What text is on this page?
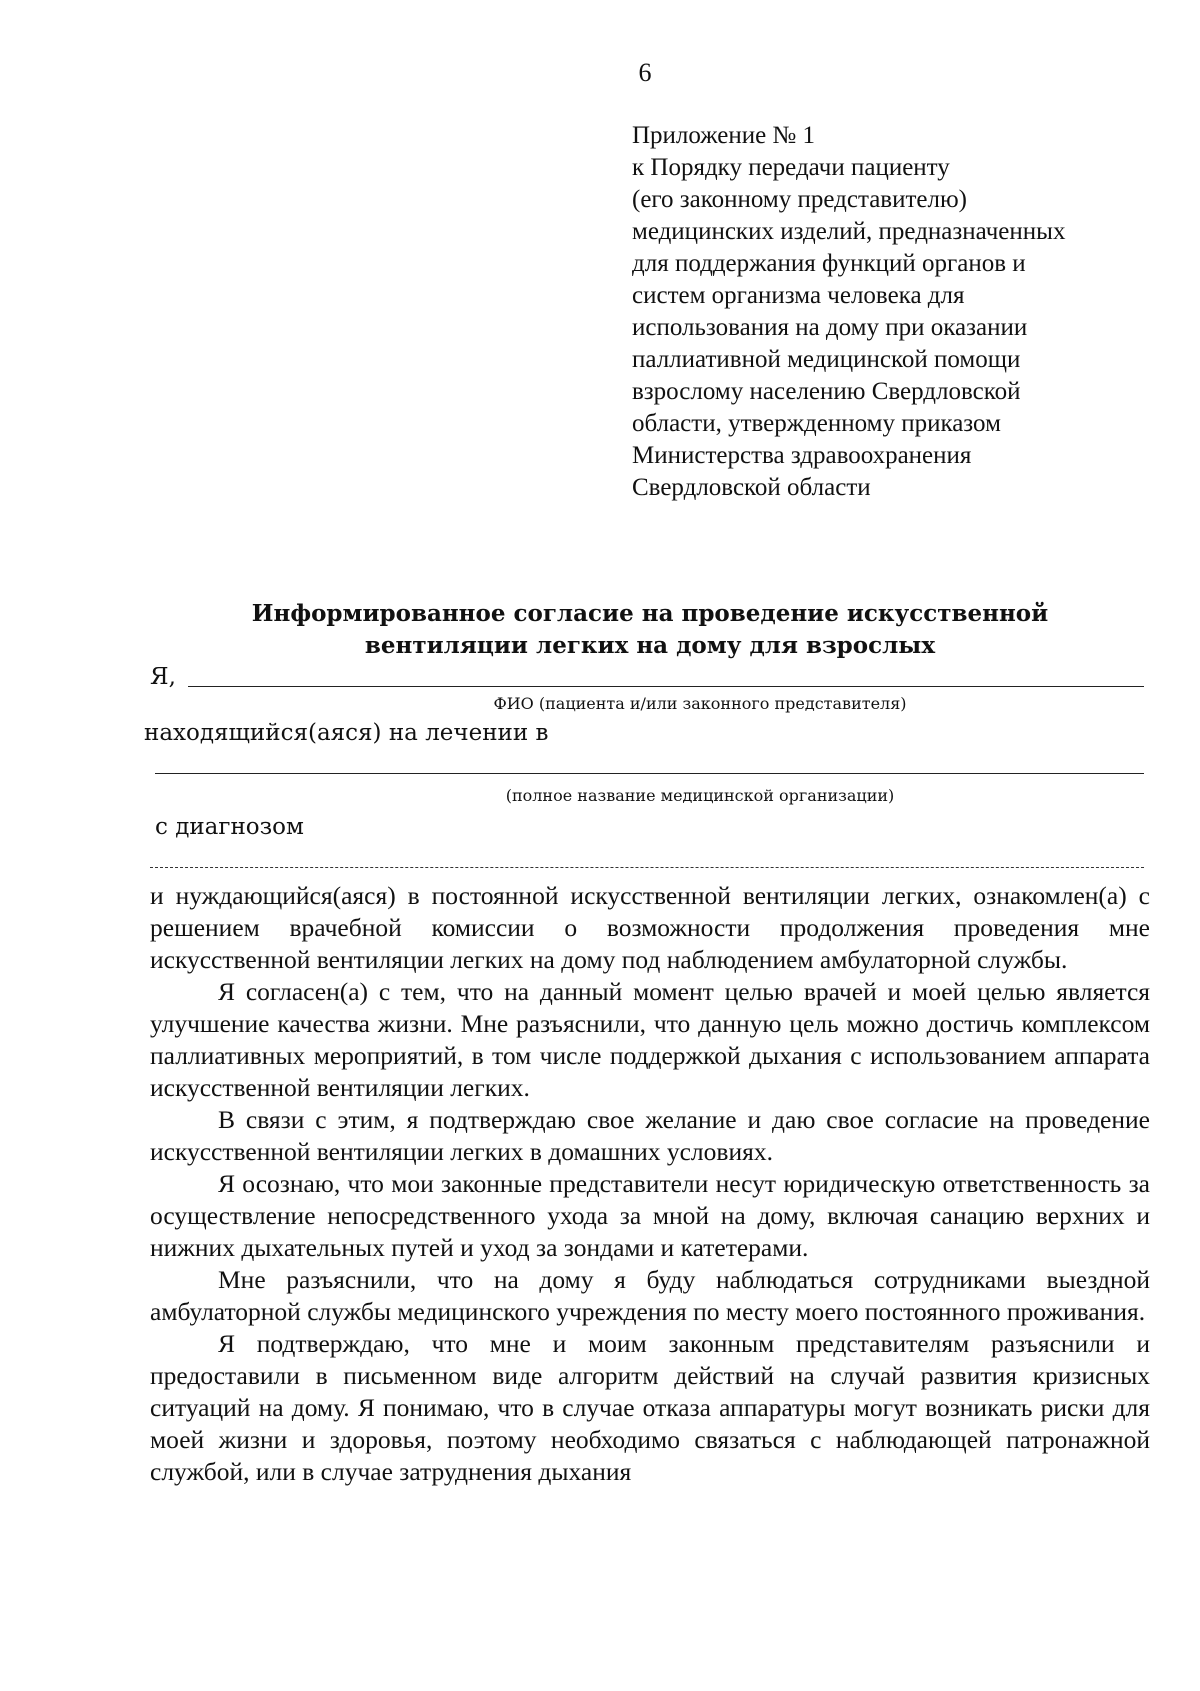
6
Приложение № 1
к Порядку передачи пациенту
(его законному представителю)
медицинских изделий, предназначенных
для поддержания функций органов и
систем организма человека для
использования на дому при оказании
паллиативной медицинской помощи
взрослому населению Свердловской
области, утвержденному приказом
Министерства здравоохранения
Свердловской области
Информированное согласие на проведение искусственной
вентиляции легких на дому для взрослых
Я,
ФИО (пациента и/или законного представителя)
находящийся(аяся) на лечении в
(полное название медицинской организации)
с диагнозом

и нуждающийся(аяся) в постоянной искусственной вентиляции легких, ознакомлен(а) с решением врачебной комиссии о возможности продолжения проведения мне искусственной вентиляции легких на дому под наблюдением амбулаторной службы.

Я согласен(а) с тем, что на данный момент целью врачей и моей целью является улучшение качества жизни. Мне разъяснили, что данную цель можно достичь комплексом паллиативных мероприятий, в том числе поддержкой дыхания с использованием аппарата искусственной вентиляции легких.

В связи с этим, я подтверждаю свое желание и даю свое согласие на проведение искусственной вентиляции легких в домашних условиях.

Я осознаю, что мои законные представители несут юридическую ответственность за осуществление непосредственного ухода за мной на дому, включая санацию верхних и нижних дыхательных путей и уход за зондами и катетерами.

Мне разъяснили, что на дому я буду наблюдаться сотрудниками выездной амбулаторной службы медицинского учреждения по месту моего постоянного проживания.

Я подтверждаю, что мне и моим законным представителям разъяснили и предоставили в письменном виде алгоритм действий на случай развития кризисных ситуаций на дому. Я понимаю, что в случае отказа аппаратуры могут возникать риски для моей жизни и здоровья, поэтому необходимо связаться с наблюдающей патронажной службой, или в случае затруднения дыхания
